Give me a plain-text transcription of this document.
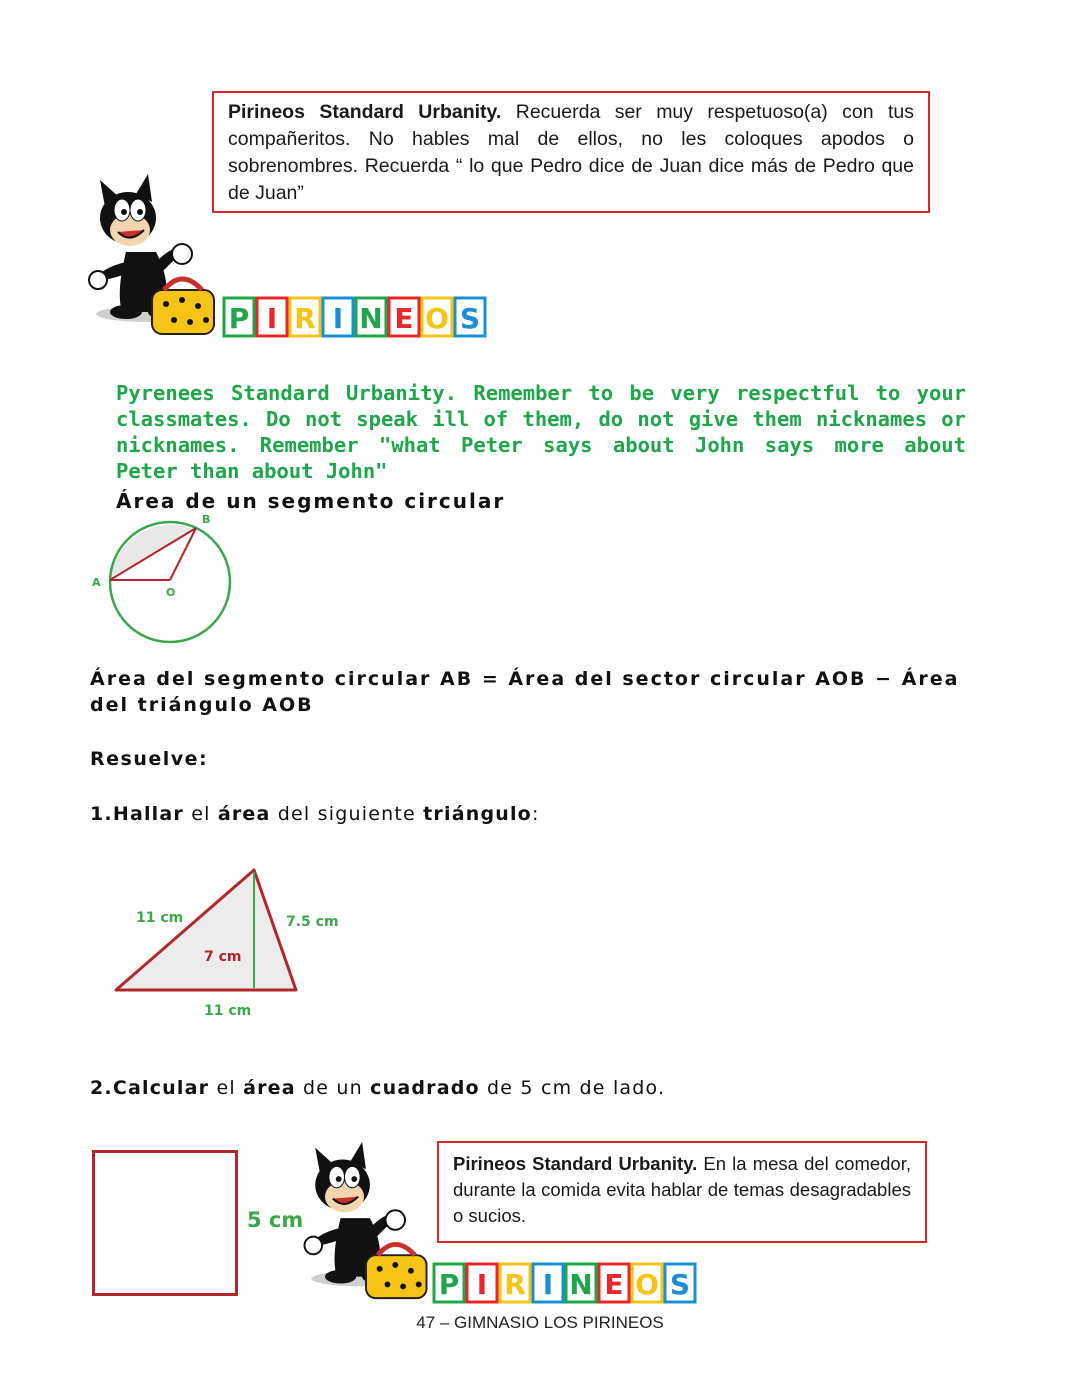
Pirineos Standard Urbanity. Recuerda ser muy respetuoso(a) con tus compañeritos. No hables mal de ellos, no les coloques apodos o sobrenombres. Recuerda “ lo que Pedro dice de Juan dice más de Pedro que de Juan”
P I R I N E O S
Pyrenees Standard Urbanity. Remember to be very respectful to your classmates. Do not speak ill of them, do not give them nicknames or nicknames. Remember "what Peter says about John says more about Peter than about John"
Área de un segmento circular
A
B
O
Área del segmento circular AB = Área del sector circular AOB − Área del triángulo AOB
Resuelve:
1.Hallar el área del siguiente triángulo:
11 cm	7.5 cm
7 cm
11 cm
2.Calcular el área de un cuadrado de 5 cm de lado.
5 cm
Pirineos Standard Urbanity. En la mesa del comedor, durante la comida evita hablar de temas desagradables o sucios.
P I R I N E O S
47 – GIMNASIO LOS PIRINEOS
